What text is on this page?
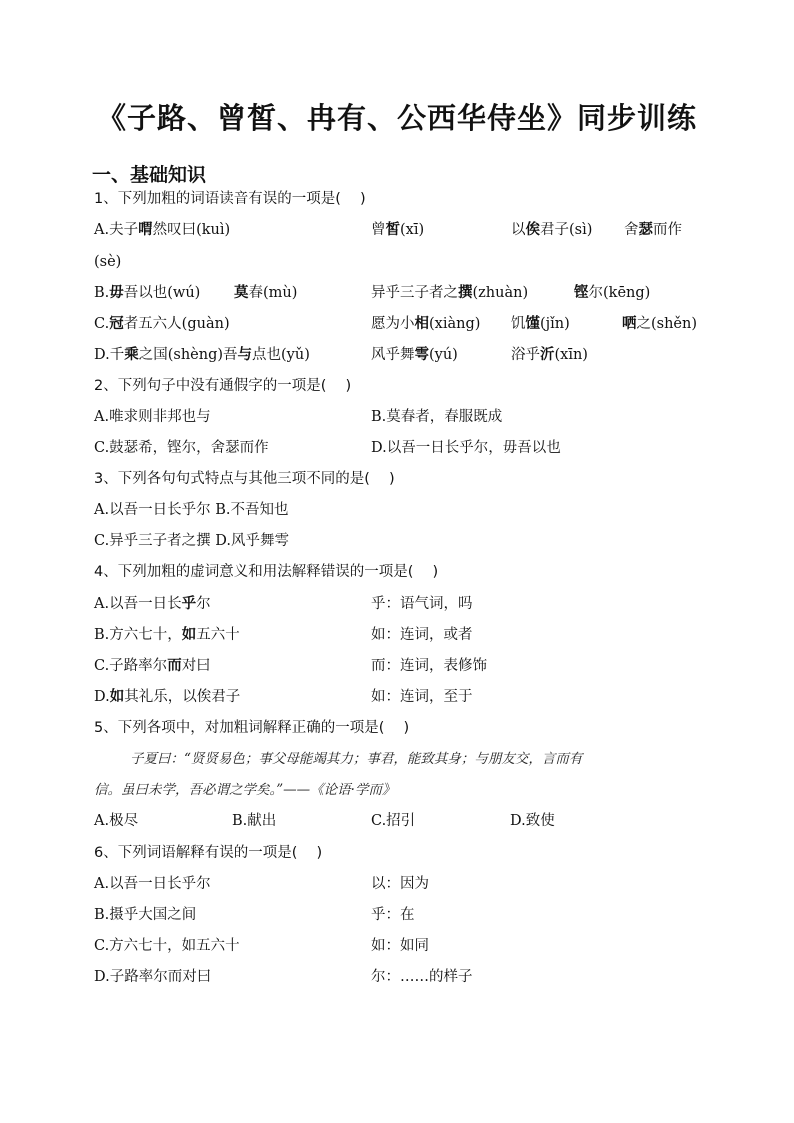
《子路、曾皙、冉有、公西华侍坐》同步训练
一、基础知识
1、下列加粗的词语读音有误的一项是(　 )
A.夫子喟然叹曰(kuì)	曾皙(xī)	以俟君子(sì) 舍瑟而作
(sè)
B.毋吾以也(wú) 莫春(mù)	异乎三子者之撰(zhuàn)	铿尔(kēng)
C.冠者五六人(guàn)	愿为小相(xiàng) 饥馑(jǐn)	哂之(shěn)
D.千乘之国(shèng)吾与点也(yǔ)	风乎舞雩(yú)	浴乎沂(xīn)
2、下列句子中没有通假字的一项是(　 )
A.唯求则非邦也与	B.莫春者，春服既成
C.鼓瑟希，铿尔，舍瑟而作	D.以吾一日长乎尔，毋吾以也
3、下列各句句式特点与其他三项不同的是(　 )
A.以吾一日长乎尔 B.不吾知也
C.异乎三子者之撰 D.风乎舞雩
4、下列加粗的虚词意义和用法解释错误的一项是(　 )
A.以吾一日长乎尔	乎：语气词，吗
B.方六七十，如五六十	如：连词，或者
C.子路率尔而对曰	而：连词，表修饰
D.如其礼乐，以俟君子	如：连词，至于
5、下列各项中，对加粗词解释正确的一项是(　 )
子夏曰：“贤贤易色；事父母能竭其力；事君，能致其身；与朋友交，言而有
信。虽曰未学，吾必谓之学矣。”——《论语·学而》
A.极尽	B.献出	C.招引	D.致使
6、下列词语解释有误的一项是(　 )
A.以吾一日长乎尔	以：因为
B.摄乎大国之间	乎：在
C.方六七十，如五六十	如：如同
D.子路率尔而对曰	尔：……的样子
